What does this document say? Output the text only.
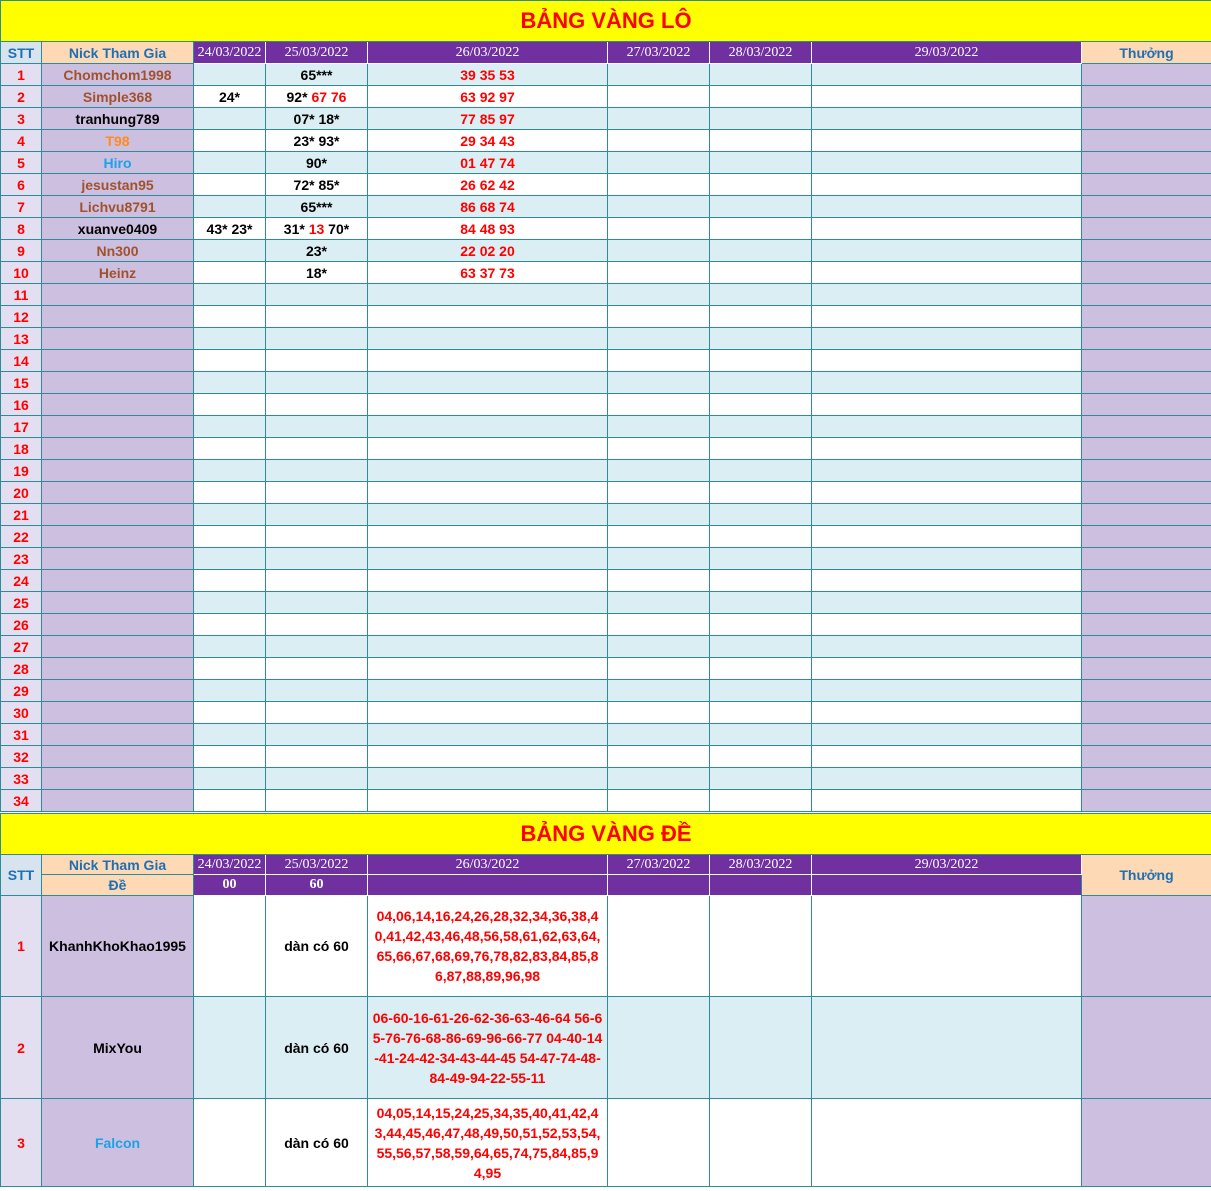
BẢNG VÀNG LÔ								
STT	Nick Tham Gia	24/03/2022	25/03/2022	26/03/2022	27/03/2022	28/03/2022	29/03/2022	Thưởng
1	Chomchom1998		65***	39 35 53				
2	Simple368	24*	92* 67 76	63 92 97				
3	tranhung789		07* 18*	77 85 97				
4	T98		23* 93*	29 34 43				
5	Hiro		90*	01 47 74				
6	jesustan95		72* 85*	26 62 42				
7	Lichvu8791		65***	86 68 74				
8	xuanve0409	43* 23*	31* 13 70*	84 48 93				
9	Nn300		23*	22 02 20				
10	Heinz		18*	63 37 73				
11								
12								
13								
14								
15								
16								
17								
18								
19								
20								
21								
22								
23								
24								
25								
26								
27								
28								
29								
30								
31								
32								
33								
34								
BẢNG VÀNG ĐỀ								
STT	Nick Tham Gia	24/03/2022	25/03/2022	26/03/2022	27/03/2022	28/03/2022	29/03/2022	Thưởng
	Đề	00	60					
1	KhanhKhoKhao1995		dàn có 60	04,06,14,16,24,26,28,32,34,36,38,40,41,42,43,46,48,56,58,61,62,63,64,65,66,67,68,69,76,78,82,83,84,85,86,87,88,89,96,98				
2	MixYou		dàn có 60	06-60-16-61-26-62-36-63-46-64 56-65-76-76-68-86-69-96-66-77 04-40-14-41-24-42-34-43-44-45 54-47-74-48-84-49-94-22-55-11				
3	Falcon		dàn có 60	04,05,14,15,24,25,34,35,40,41,42,43,44,45,46,47,48,49,50,51,52,53,54,55,56,57,58,59,64,65,74,75,84,85,94,95				
